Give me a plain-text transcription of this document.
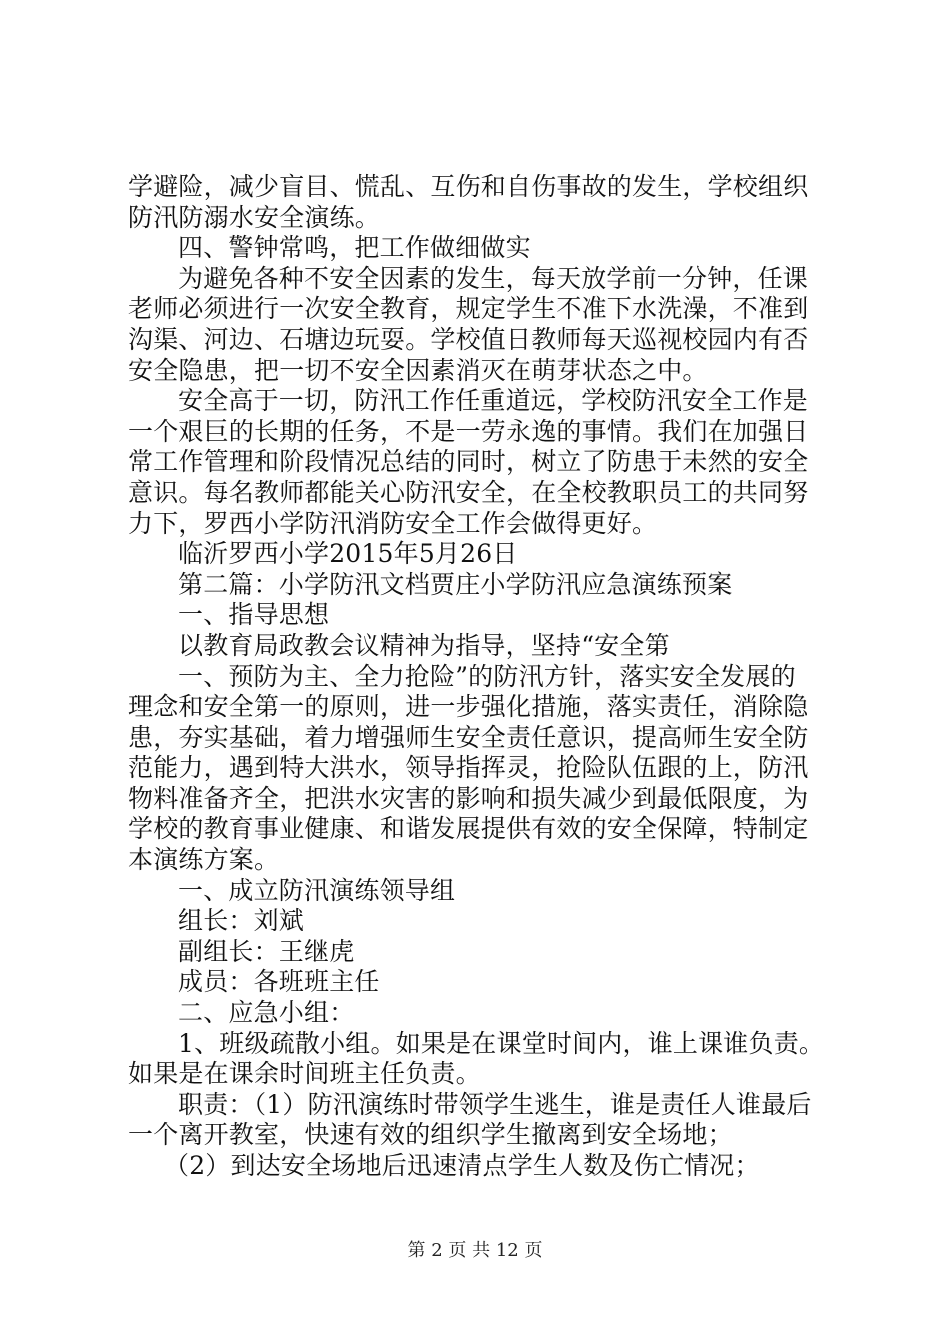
学避险，减少盲目、慌乱、互伤和自伤事故的发生，学校组织
防汛防溺水安全演练。
四、警钟常鸣，把工作做细做实
为避免各种不安全因素的发生，每天放学前一分钟，任课
老师必须进行一次安全教育，规定学生不准下水洗澡，不准到
沟渠、河边、石塘边玩耍。学校值日教师每天巡视校园内有否
安全隐患，把一切不安全因素消灭在萌芽状态之中。
安全高于一切，防汛工作任重道远，学校防汛安全工作是
一个艰巨的长期的任务，不是一劳永逸的事情。我们在加强日
常工作管理和阶段情况总结的同时，树立了防患于未然的安全
意识。每名教师都能关心防汛安全，在全校教职员工的共同努
力下，罗西小学防汛消防安全工作会做得更好。
临沂罗西小学2015年5月26日
第二篇：小学防汛文档贾庄小学防汛应急演练预案
一、指导思想
以教育局政教会议精神为指导，坚持“安全第
一、预防为主、全力抢险”的防汛方针，落实安全发展的
理念和安全第一的原则，进一步强化措施，落实责任，消除隐
患，夯实基础，着力增强师生安全责任意识，提高师生安全防
范能力，遇到特大洪水，领导指挥灵，抢险队伍跟的上，防汛
物料准备齐全，把洪水灾害的影响和损失减少到最低限度，为
学校的教育事业健康、和谐发展提供有效的安全保障，特制定
本演练方案。
一、成立防汛演练领导组
组长：刘斌
副组长：王继虎
成员：各班班主任
二、应急小组：
1、班级疏散小组。如果是在课堂时间内，谁上课谁负责。
如果是在课余时间班主任负责。
职责：（1）防汛演练时带领学生逃生，谁是责任人谁最后
一个离开教室，快速有效的组织学生撤离到安全场地；
（2）到达安全场地后迅速清点学生人数及伤亡情况；
第 2 页 共 12 页
